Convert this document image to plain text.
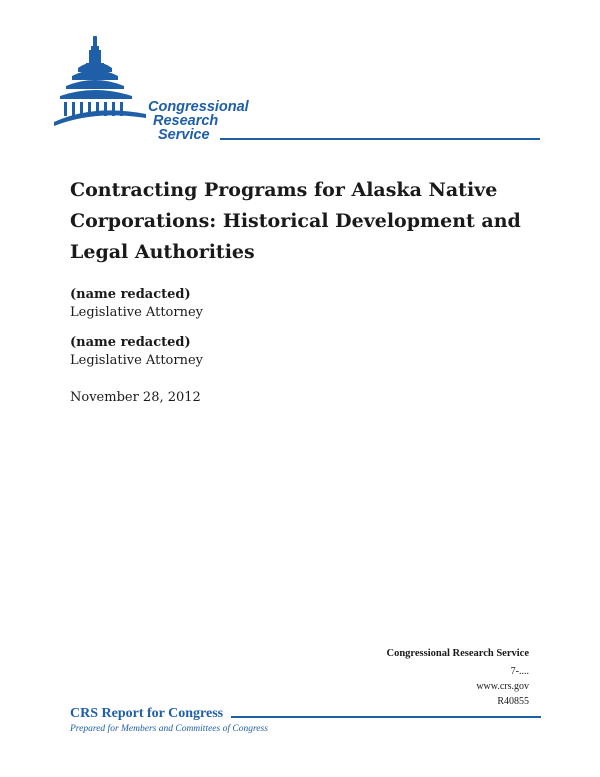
Congressional
Research
Service
Contracting Programs for Alaska Native Corporations: Historical Development and Legal Authorities
(name redacted)
Legislative Attorney
(name redacted)
Legislative Attorney
November 28, 2012
Congressional Research Service
7-....
www.crs.gov
R40855
CRS Report for Congress
Prepared for Members and Committees of Congress
